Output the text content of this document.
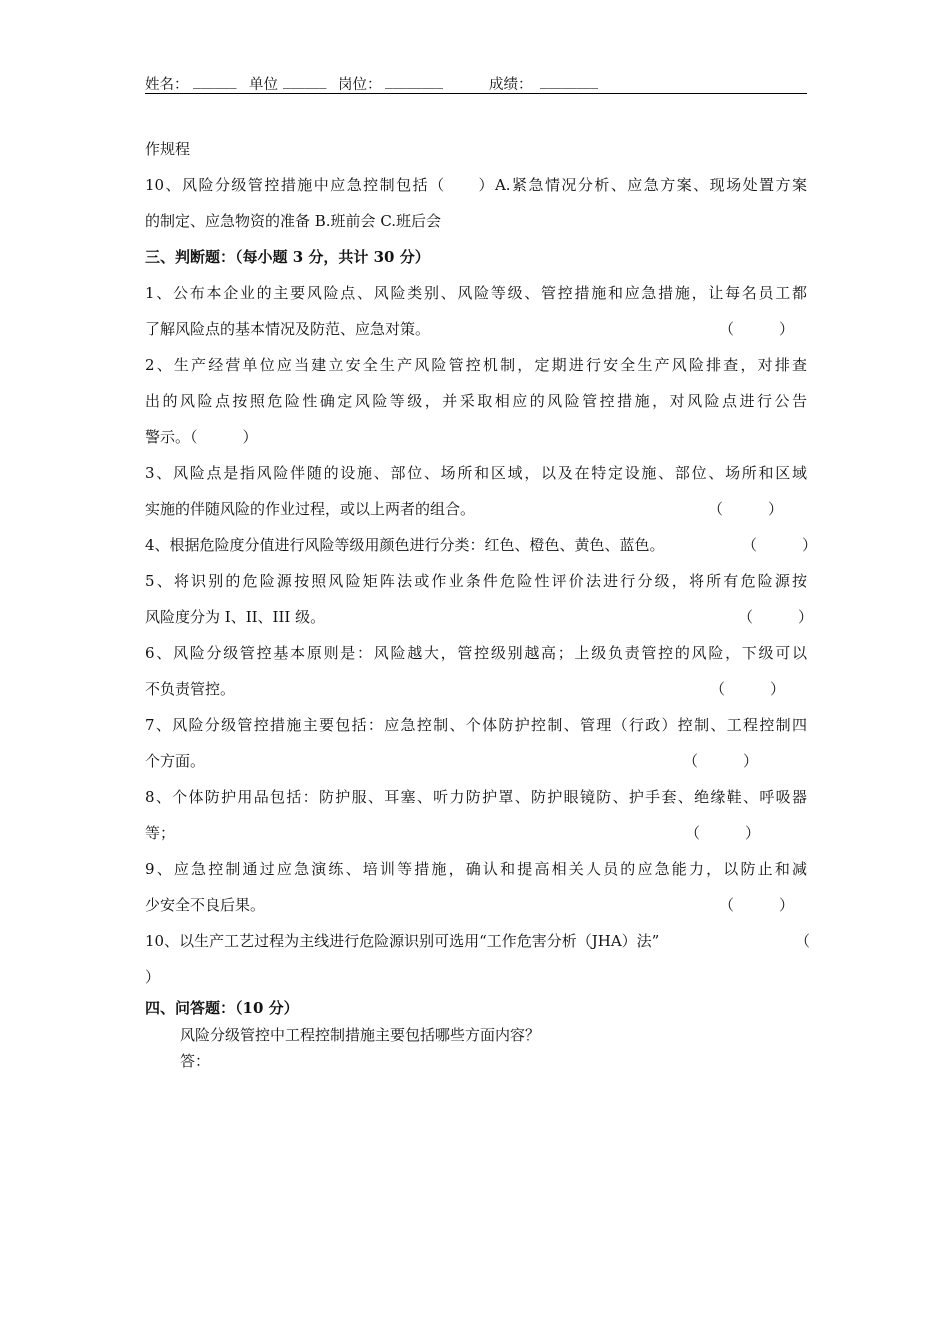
姓名： ______ 单位 ______ 岗位： ________	成绩： ________
作规程
10、风险分级管控措施中应急控制包括（　　）A.紧急情况分析、应急方案、现场处置方案
的制定、应急物资的准备 B.班前会 C.班后会
三、判断题：（每小题 3 分，共计 30 分）
1、公布本企业的主要风险点、风险类别、风险等级、管控措施和应急措施，让每名员工都
了解风险点的基本情况及防范、应急对策。	（　　　）
2、生产经营单位应当建立安全生产风险管控机制，定期进行安全生产风险排查，对排查
出的风险点按照危险性确定风险等级，并采取相应的风险管控措施，对风险点进行公告
警示。（　　　）
3、风险点是指风险伴随的设施、部位、场所和区域，以及在特定设施、部位、场所和区域
实施的伴随风险的作业过程，或以上两者的组合。	（　　　）
4、根据危险度分值进行风险等级用颜色进行分类：红色、橙色、黄色、蓝色。	（　　　）
5、将识别的危险源按照风险矩阵法或作业条件危险性评价法进行分级，将所有危险源按
风险度分为 I、II、III 级。	（　　　）
6、风险分级管控基本原则是：风险越大，管控级别越高；上级负责管控的风险，下级可以
不负责管控。	（　　　）
7、风险分级管控措施主要包括：应急控制、个体防护控制、管理（行政）控制、工程控制四
个方面。	（　　　）
8、个体防护用品包括：防护服、耳塞、听力防护罩、防护眼镜防、护手套、绝缘鞋、呼吸器
等；	（　　　）
9、应急控制通过应急演练、培训等措施，确认和提高相关人员的应急能力，以防止和减
少安全不良后果。	（　　　）
10、以生产工艺过程为主线进行危险源识别可选用“工作危害分析（JHA）法”	（
）
四、问答题：（10 分）
风险分级管控中工程控制措施主要包括哪些方面内容？
答：
